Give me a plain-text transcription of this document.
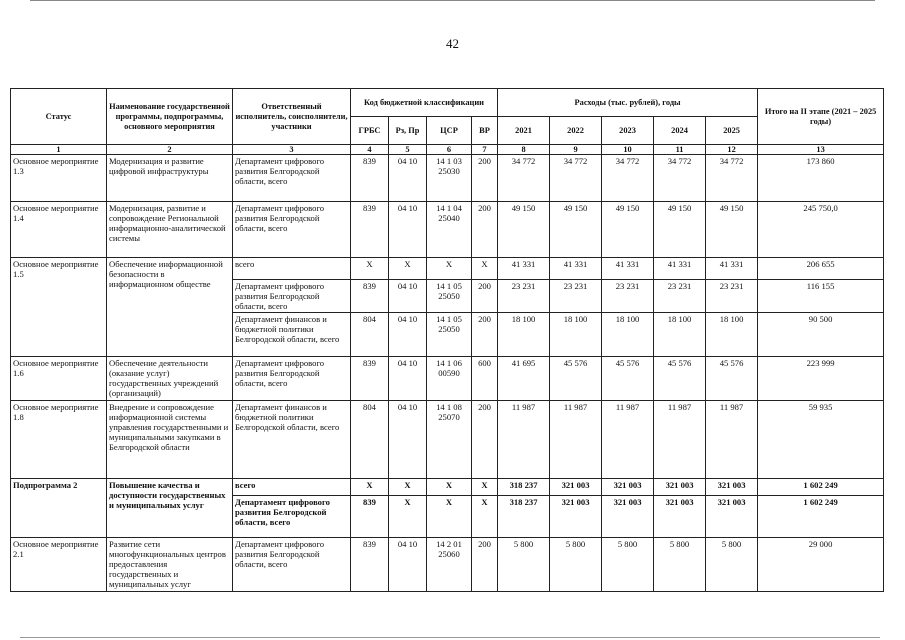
42
Статус	Наименование государственной программы, подпрограммы, основного мероприятия	Ответственный исполнитель, соисполнители, участники	Код бюджетной классификации				Расходы (тыс. рублей), годы					Итого на II этапе (2021 – 2025 годы)
			ГРБС	Рз, Пр	ЦСР	ВР	2021	2022	2023	2024	2025	
1	2	3	4	5	6	7	8	9	10	11	12	13
Основное мероприятие 1.3	Модернизация и развитие цифровой инфраструктуры	Департамент цифрового развития Белгородской области, всего	839	04 10	14 1 03 25030	200	34 772	34 772	34 772	34 772	34 772	173 860
Основное мероприятие 1.4	Модернизация, развитие и сопровождение Региональной информационно-аналитической системы	Департамент цифрового развития Белгородской области, всего	839	04 10	14 1 04 25040	200	49 150	49 150	49 150	49 150	49 150	245 750,0
Основное мероприятие 1.5	Обеспечение информационной безопасности в информационном обществе	всего	Х	Х	Х	Х	41 331	41 331	41 331	41 331	41 331	206 655
		Департамент цифрового развития Белгородской области, всего	839	04 10	14 1 05 25050	200	23 231	23 231	23 231	23 231	23 231	116 155
		Департамент финансов и бюджетной политики Белгородской области, всего	804	04 10	14 1 05 25050	200	18 100	18 100	18 100	18 100	18 100	90 500
Основное мероприятие 1.6	Обеспечение деятельности (оказание услуг) государственных учреждений (организаций)	Департамент цифрового развития Белгородской области, всего	839	04 10	14 1 06 00590	600	41 695	45 576	45 576	45 576	45 576	223 999
Основное мероприятие 1.8	Внедрение и сопровождение информационной системы управления государственными и муниципальными закупками в Белгородской области	Департамент финансов и бюджетной политики Белгородской области, всего	804	04 10	14 1 08 25070	200	11 987	11 987	11 987	11 987	11 987	59 935
Подпрограмма 2	Повышение качества и доступности государственных и муниципальных услуг	всего	Х	Х	Х	Х	318 237	321 003	321 003	321 003	321 003	1 602 249
		Департамент цифрового развития Белгородской области, всего	839	Х	Х	Х	318 237	321 003	321 003	321 003	321 003	1 602 249
Основное мероприятие 2.1	Развитие сети многофункциональных центров предоставления государственных и муниципальных услуг	Департамент цифрового развития Белгородской области, всего	839	04 10	14 2 01 25060	200	5 800	5 800	5 800	5 800	5 800	29 000
